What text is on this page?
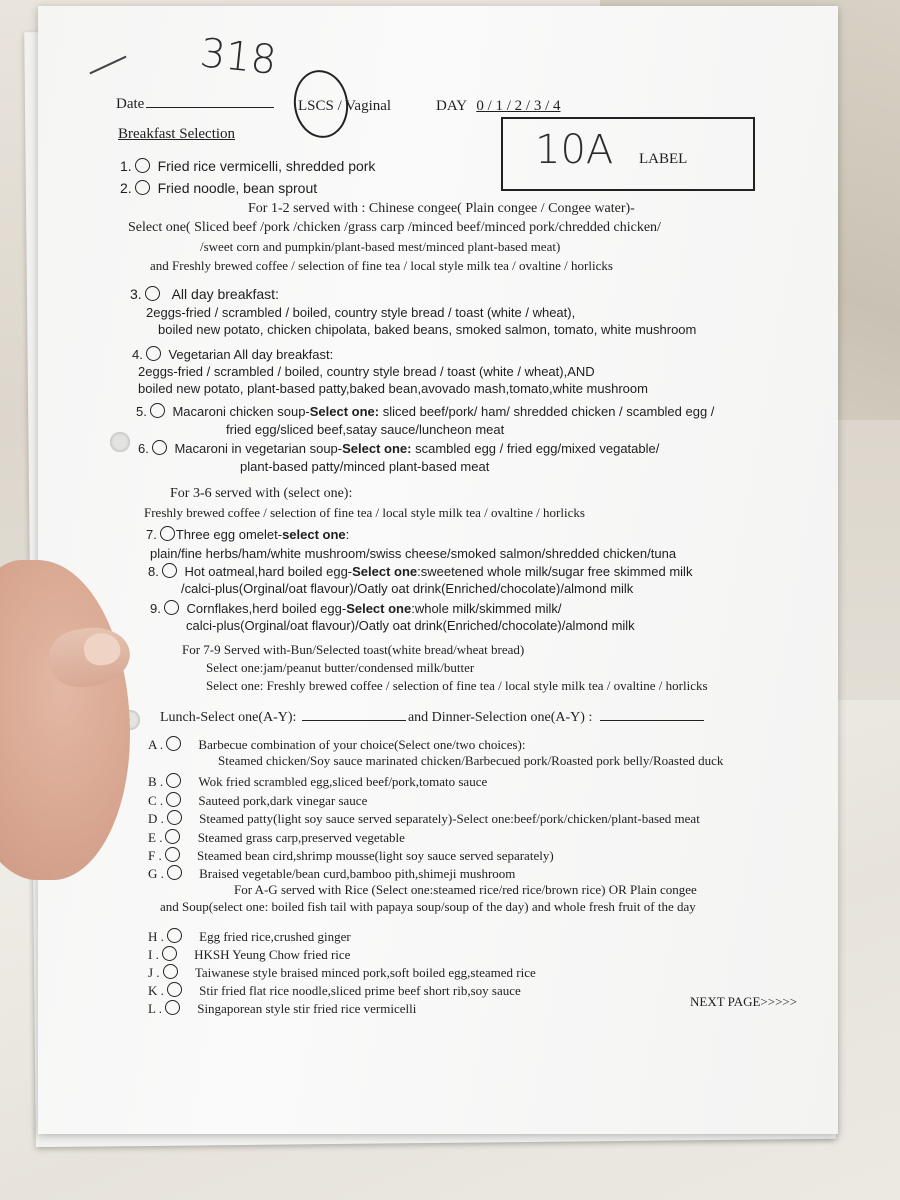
318
Date	LSCS / Vaginal	DAY 0 / 1 / 2 / 3 / 4
10A LABEL
Breakfast Selection
1. Fried rice vermicelli, shredded pork
2. Fried noodle, bean sprout
For 1-2 served with : Chinese congee( Plain congee / Congee water)-
Select one( Sliced beef /pork /chicken /grass carp /minced beef/minced pork/chredded chicken/
/sweet corn and pumpkin/plant-based mest/minced plant-based meat)
and Freshly brewed coffee / selection of fine tea / local style milk tea / ovaltine / horlicks
3. All day breakfast:
2eggs-fried / scrambled / boiled, country style bread / toast (white / wheat),
boiled new potato, chicken chipolata, baked beans, smoked salmon, tomato, white mushroom
4. Vegetarian All day breakfast:
2eggs-fried / scrambled / boiled, country style bread / toast (white / wheat),AND
boiled new potato, plant-based patty,baked bean,avovado mash,tomato,white mushroom
5. Macaroni chicken soup-Select one: sliced beef/pork/ ham/ shredded chicken / scambled egg /
fried egg/sliced beef,satay sauce/luncheon meat
6. Macaroni in vegetarian soup-Select one: scambled egg / fried egg/mixed vegatable/
plant-based patty/minced plant-based meat
For 3-6 served with (select one):
Freshly brewed coffee / selection of fine tea / local style milk tea / ovaltine / horlicks
7. Three egg omelet-select one:
plain/fine herbs/ham/white mushroom/swiss cheese/smoked salmon/shredded chicken/tuna
8. Hot oatmeal,hard boiled egg-Select one:sweetened whole milk/sugar free skimmed milk
/calci-plus(Orginal/oat flavour)/Oatly oat drink(Enriched/chocolate)/almond milk
9. Cornflakes,herd boiled egg-Select one:whole milk/skimmed milk/
calci-plus(Orginal/oat flavour)/Oatly oat drink(Enriched/chocolate)/almond milk
For 7-9 Served with-Bun/Selected toast(white bread/wheat bread)
Select one:jam/peanut butter/condensed milk/butter
Select one: Freshly brewed coffee / selection of fine tea / local style milk tea / ovaltine / horlicks
Lunch-Select one(A-Y):	and Dinner-Selection one(A-Y) :
A .	Barbecue combination of your choice(Select one/two choices):
Steamed chicken/Soy sauce marinated chicken/Barbecued pork/Roasted pork belly/Roasted duck
B .	Wok fried scrambled egg,sliced beef/pork,tomato sauce
C .	Sauteed pork,dark vinegar sauce
D .	Steamed patty(light soy sauce served separately)-Select one:beef/pork/chicken/plant-based meat
E .	Steamed grass carp,preserved vegetable
F .	Steamed bean cird,shrimp mousse(light soy sauce served separately)
G .	Braised vegetable/bean curd,bamboo pith,shimeji mushroom
For A-G served with Rice (Select one:steamed rice/red rice/brown rice) OR Plain congee
and Soup(select one: boiled fish tail with papaya soup/soup of the day) and whole fresh fruit of the day
H .	Egg fried rice,crushed ginger
I .	HKSH Yeung Chow fried rice
J .	Taiwanese style braised minced pork,soft boiled egg,steamed rice
K .	Stir fried flat rice noodle,sliced prime beef short rib,soy sauce
L .	Singaporean style stir fried rice vermicelli	NEXT PAGE>>>>>
